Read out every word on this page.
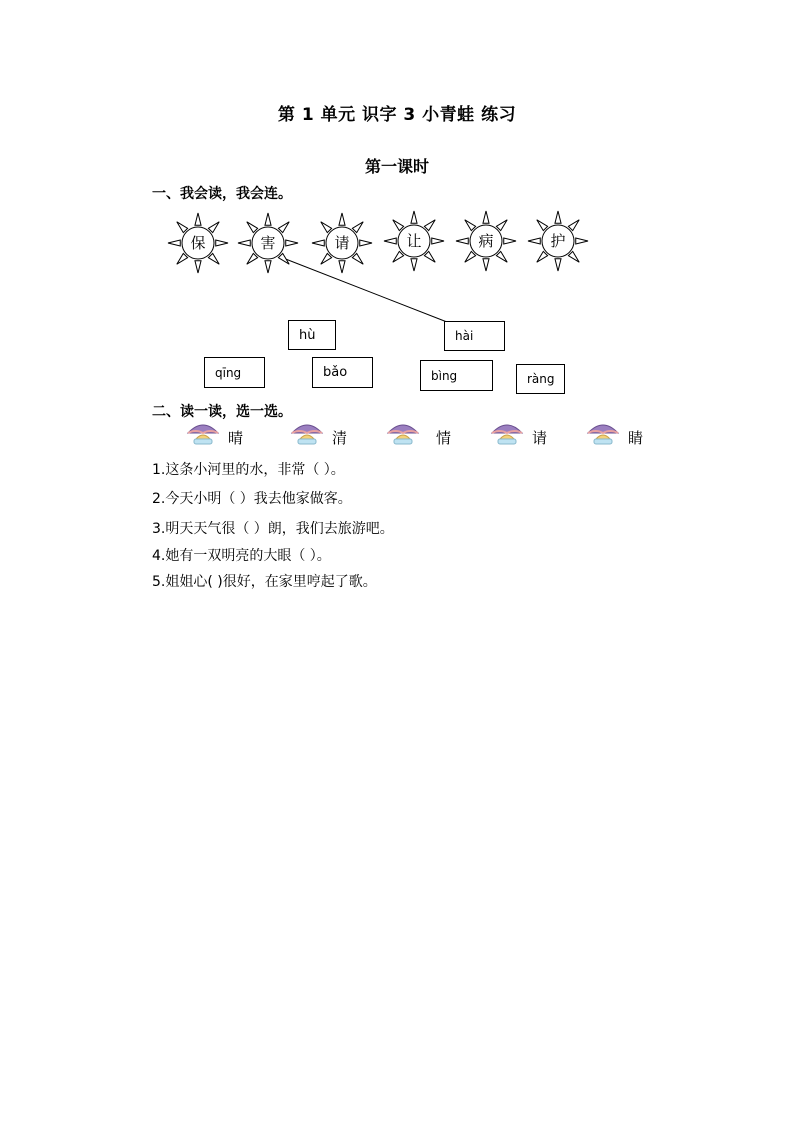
第 1 单元 识字 3 小青蛙 练习
第一课时
一、我会读，我会连。
保	害	请	让	病	护
hù	hài
qīng	bǎo	bìng	ràng
二、读一读，选一选。
晴	清	情	请	睛
1.这条小河里的水，非常（ ）。
2.今天小明（ ）我去他家做客。
3.明天天气很（ ）朗，我们去旅游吧。
4.她有一双明亮的大眼（ ）。
5.姐姐心( )很好，在家里哼起了歌。
